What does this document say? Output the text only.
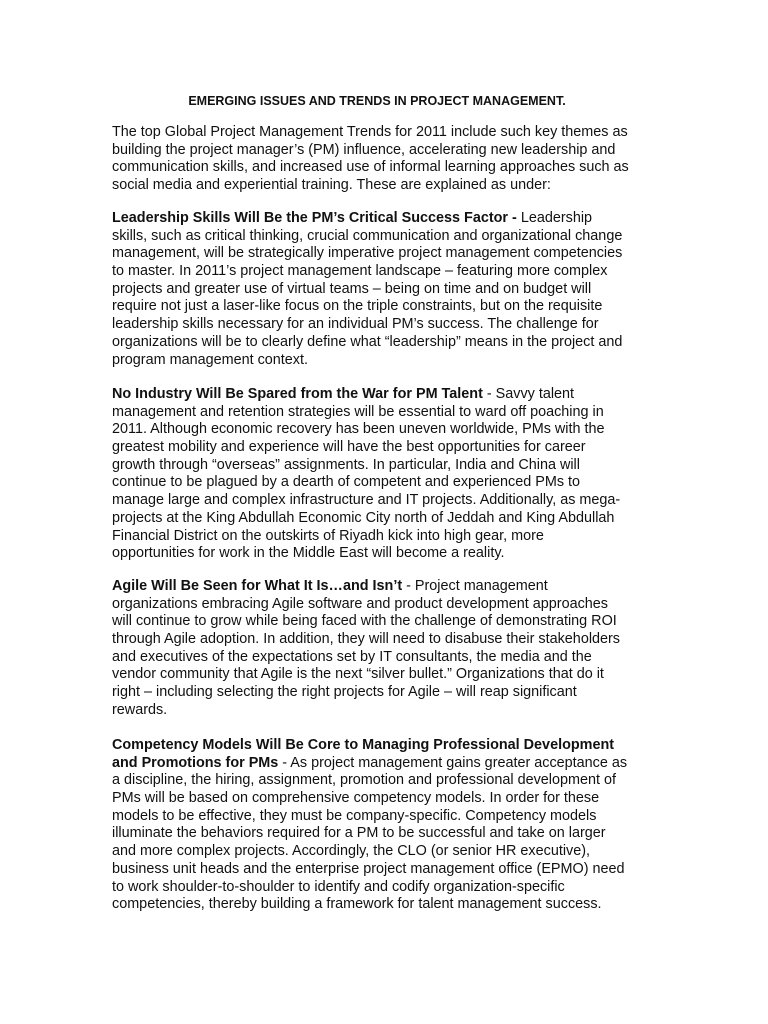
EMERGING ISSUES AND TRENDS IN PROJECT MANAGEMENT.
The top Global Project Management Trends for 2011 include such key themes as
building the project manager’s (PM) influence, accelerating new leadership and
communication skills, and increased use of informal learning approaches such as
social media and experiential training. These are explained as under:
Leadership Skills Will Be the PM’s Critical Success Factor - Leadership
skills, such as critical thinking, crucial communication and organizational change
management, will be strategically imperative project management competencies
to master. In 2011’s project management landscape – featuring more complex
projects and greater use of virtual teams – being on time and on budget will
require not just a laser-like focus on the triple constraints, but on the requisite
leadership skills necessary for an individual PM’s success. The challenge for
organizations will be to clearly define what “leadership” means in the project and
program management context.
No Industry Will Be Spared from the War for PM Talent - Savvy talent
management and retention strategies will be essential to ward off poaching in
2011. Although economic recovery has been uneven worldwide, PMs with the
greatest mobility and experience will have the best opportunities for career
growth through “overseas” assignments. In particular, India and China will
continue to be plagued by a dearth of competent and experienced PMs to
manage large and complex infrastructure and IT projects. Additionally, as mega-
projects at the King Abdullah Economic City north of Jeddah and King Abdullah
Financial District on the outskirts of Riyadh kick into high gear, more
opportunities for work in the Middle East will become a reality.
Agile Will Be Seen for What It Is…and Isn’t - Project management
organizations embracing Agile software and product development approaches
will continue to grow while being faced with the challenge of demonstrating ROI
through Agile adoption. In addition, they will need to disabuse their stakeholders
and executives of the expectations set by IT consultants, the media and the
vendor community that Agile is the next “silver bullet.” Organizations that do it
right – including selecting the right projects for Agile – will reap significant
rewards.
Competency Models Will Be Core to Managing Professional Development
and Promotions for PMs - As project management gains greater acceptance as
a discipline, the hiring, assignment, promotion and professional development of
PMs will be based on comprehensive competency models. In order for these
models to be effective, they must be company-specific. Competency models
illuminate the behaviors required for a PM to be successful and take on larger
and more complex projects. Accordingly, the CLO (or senior HR executive),
business unit heads and the enterprise project management office (EPMO) need
to work shoulder-to-shoulder to identify and codify organization-specific
competencies, thereby building a framework for talent management success.
